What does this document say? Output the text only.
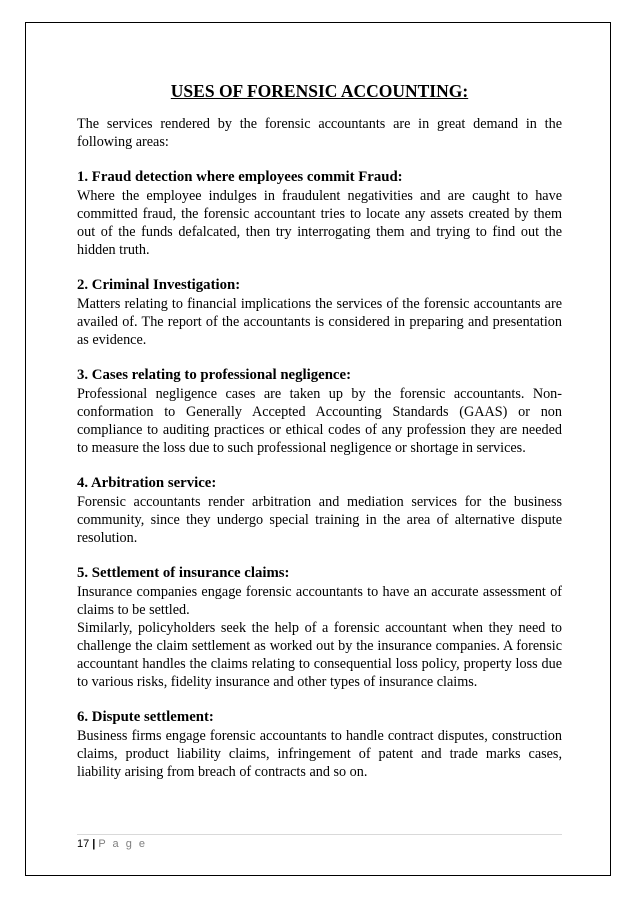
USES OF FORENSIC ACCOUNTING:

The services rendered by the forensic accountants are in great demand in the following areas:

1. Fraud detection where employees commit Fraud:

Where the employee indulges in fraudulent negativities and are caught to have committed fraud, the forensic accountant tries to locate any assets created by them out of the funds defalcated, then try interrogating them and trying to find out the hidden truth.

2. Criminal Investigation:

Matters relating to financial implications the services of the forensic accountants are availed of. The report of the accountants is considered in preparing and presentation as evidence.

3. Cases relating to professional negligence:

Professional negligence cases are taken up by the forensic accountants. Non-conformation to Generally Accepted Accounting Standards (GAAS) or non compliance to auditing practices or ethical codes of any profession they are needed to measure the loss due to such professional negligence or shortage in services.

4. Arbitration service:

Forensic accountants render arbitration and mediation services for the business community, since they undergo special training in the area of alternative dispute resolution.

5. Settlement of insurance claims:

Insurance companies engage forensic accountants to have an accurate assessment of claims to be settled.

Similarly, policyholders seek the help of a forensic accountant when they need to challenge the claim settlement as worked out by the insurance companies. A forensic accountant handles the claims relating to consequential loss policy, property loss due to various risks, fidelity insurance and other types of insurance claims.

6. Dispute settlement:

Business firms engage forensic accountants to handle contract disputes, construction claims, product liability claims, infringement of patent and trade marks cases, liability arising from breach of contracts and so on.

17 | P a g e
